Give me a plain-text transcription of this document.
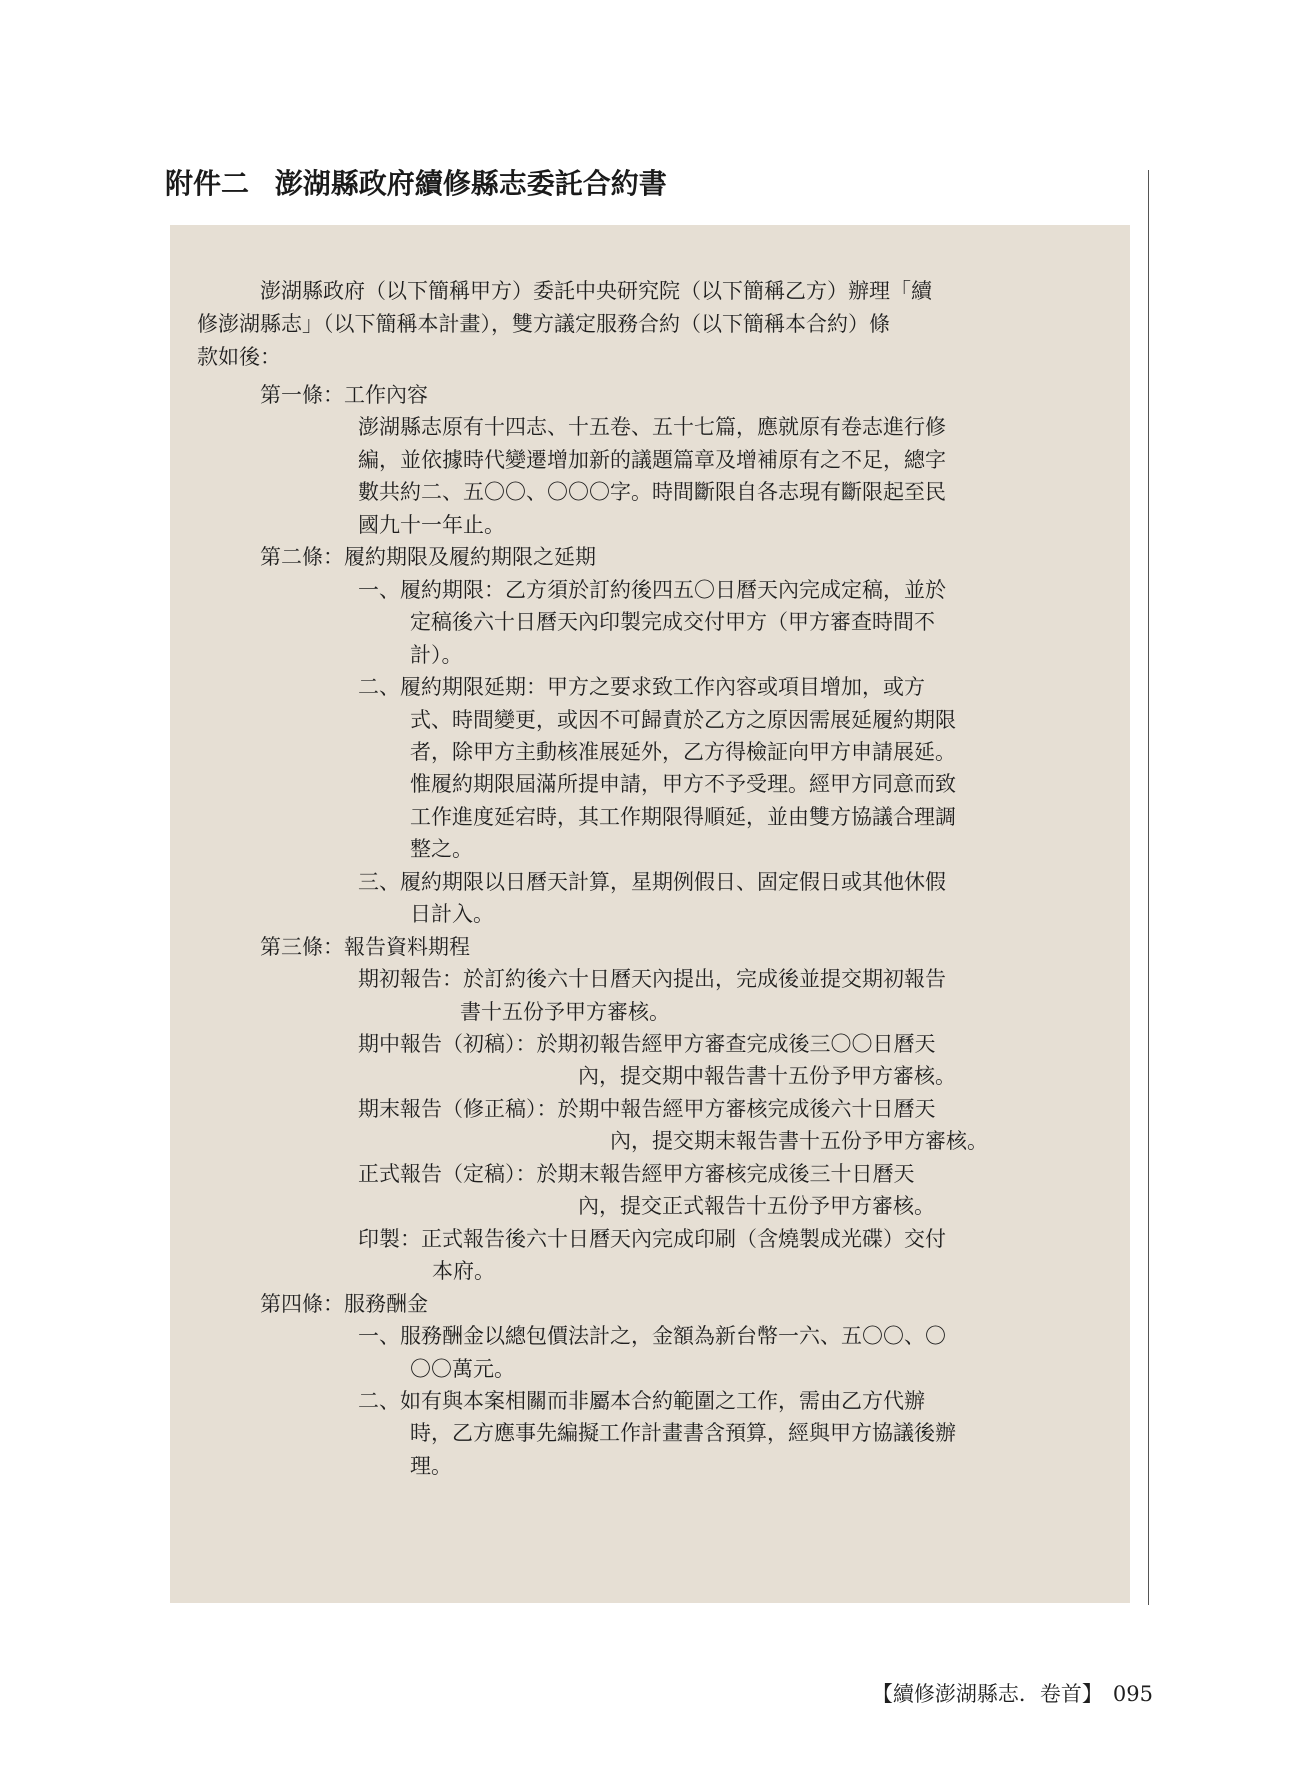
附件二 澎湖縣政府續修縣志委託合約書
澎湖縣政府（以下簡稱甲方）委託中央研究院（以下簡稱乙方）辦理「續
修澎湖縣志」（以下簡稱本計畫），雙方議定服務合約（以下簡稱本合約）條
款如後：
第一條：工作內容
澎湖縣志原有十四志、十五卷、五十七篇，應就原有卷志進行修
編，並依據時代變遷增加新的議題篇章及增補原有之不足，總字
數共約二、五〇〇、〇〇〇字。時間斷限自各志現有斷限起至民
國九十一年止。
第二條：履約期限及履約期限之延期
一、履約期限：乙方須於訂約後四五〇日曆天內完成定稿，並於
定稿後六十日曆天內印製完成交付甲方（甲方審查時間不
計）。
二、履約期限延期：甲方之要求致工作內容或項目增加，或方
式、時間變更，或因不可歸責於乙方之原因需展延履約期限
者，除甲方主動核准展延外，乙方得檢証向甲方申請展延。
惟履約期限屆滿所提申請，甲方不予受理。經甲方同意而致
工作進度延宕時，其工作期限得順延，並由雙方協議合理調
整之。
三、履約期限以日曆天計算，星期例假日、固定假日或其他休假
日計入。
第三條：報告資料期程
期初報告：於訂約後六十日曆天內提出，完成後並提交期初報告
書十五份予甲方審核。
期中報告（初稿）：於期初報告經甲方審查完成後三〇〇日曆天
內，提交期中報告書十五份予甲方審核。
期末報告（修正稿）：於期中報告經甲方審核完成後六十日曆天
內，提交期末報告書十五份予甲方審核。
正式報告（定稿）：於期末報告經甲方審核完成後三十日曆天
內，提交正式報告十五份予甲方審核。
印製：正式報告後六十日曆天內完成印刷（含燒製成光碟）交付
本府。
第四條：服務酬金
一、服務酬金以總包價法計之，金額為新台幣一六、五〇〇、〇
〇〇萬元。
二、如有與本案相關而非屬本合約範圍之工作，需由乙方代辦
時，乙方應事先編擬工作計畫書含預算，經與甲方協議後辦
理。
【續修澎湖縣志．卷首】 095
